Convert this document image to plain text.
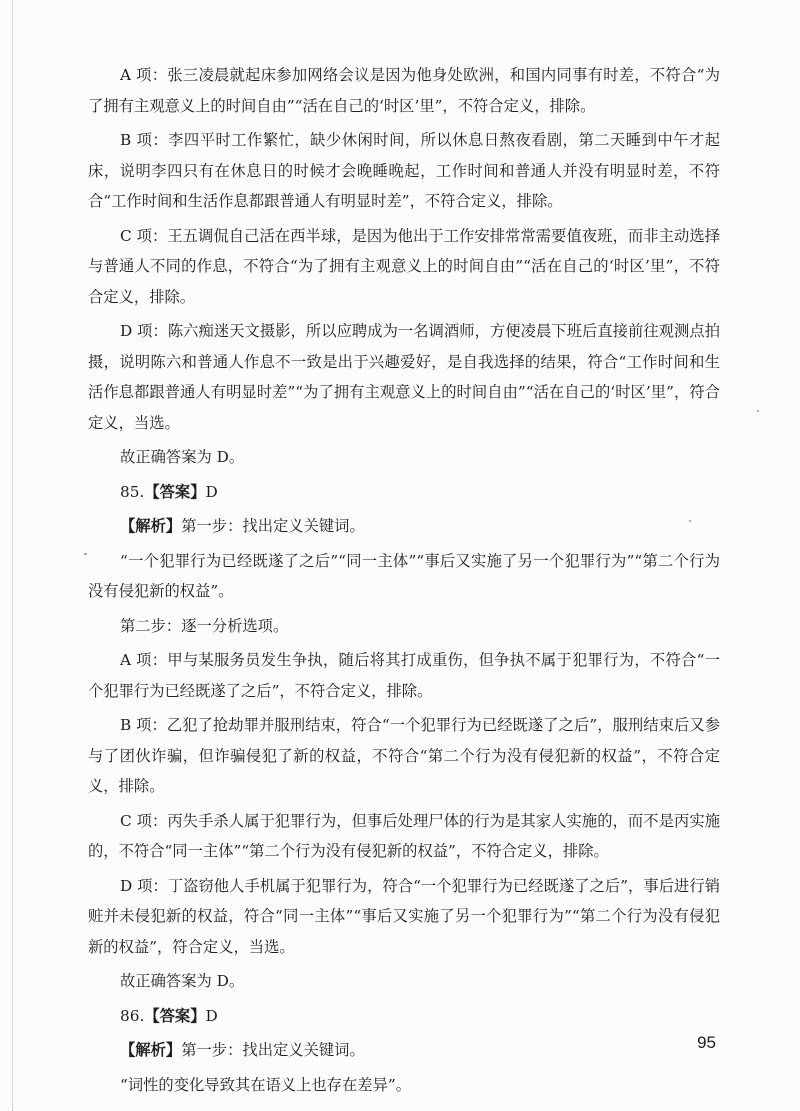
A 项：张三凌晨就起床参加网络会议是因为他身处欧洲，和国内同事有时差，不符合“为了拥有主观意义上的时间自由”“活在自己的‘时区’里”，不符合定义，排除。

B 项：李四平时工作繁忙，缺少休闲时间，所以休息日熬夜看剧，第二天睡到中午才起床，说明李四只有在休息日的时候才会晚睡晚起，工作时间和普通人并没有明显时差，不符合“工作时间和生活作息都跟普通人有明显时差”，不符合定义，排除。

C 项：王五调侃自己活在西半球，是因为他出于工作安排常常需要值夜班，而非主动选择与普通人不同的作息，不符合“为了拥有主观意义上的时间自由”“活在自己的‘时区’里”，不符合定义，排除。

D 项：陈六痴迷天文摄影，所以应聘成为一名调酒师，方便凌晨下班后直接前往观测点拍摄，说明陈六和普通人作息不一致是出于兴趣爱好，是自我选择的结果，符合“工作时间和生活作息都跟普通人有明显时差”“为了拥有主观意义上的时间自由”“活在自己的‘时区’里”，符合定义，当选。

故正确答案为 D。

85.【答案】D

【解析】第一步：找出定义关键词。

“一个犯罪行为已经既遂了之后”“同一主体”“事后又实施了另一个犯罪行为”“第二个行为没有侵犯新的权益”。

第二步：逐一分析选项。

A 项：甲与某服务员发生争执，随后将其打成重伤，但争执不属于犯罪行为，不符合“一个犯罪行为已经既遂了之后”，不符合定义，排除。

B 项：乙犯了抢劫罪并服刑结束，符合“一个犯罪行为已经既遂了之后”，服刑结束后又参与了团伙诈骗，但诈骗侵犯了新的权益，不符合“第二个行为没有侵犯新的权益”，不符合定义，排除。

C 项：丙失手杀人属于犯罪行为，但事后处理尸体的行为是其家人实施的，而不是丙实施的，不符合“同一主体”“第二个行为没有侵犯新的权益”，不符合定义，排除。

D 项：丁盗窃他人手机属于犯罪行为，符合“一个犯罪行为已经既遂了之后”，事后进行销赃并未侵犯新的权益，符合“同一主体”“事后又实施了另一个犯罪行为”“第二个行为没有侵犯新的权益”，符合定义，当选。

故正确答案为 D。

86.【答案】D

【解析】第一步：找出定义关键词。

“词性的变化导致其在语义上也存在差异”。

95
